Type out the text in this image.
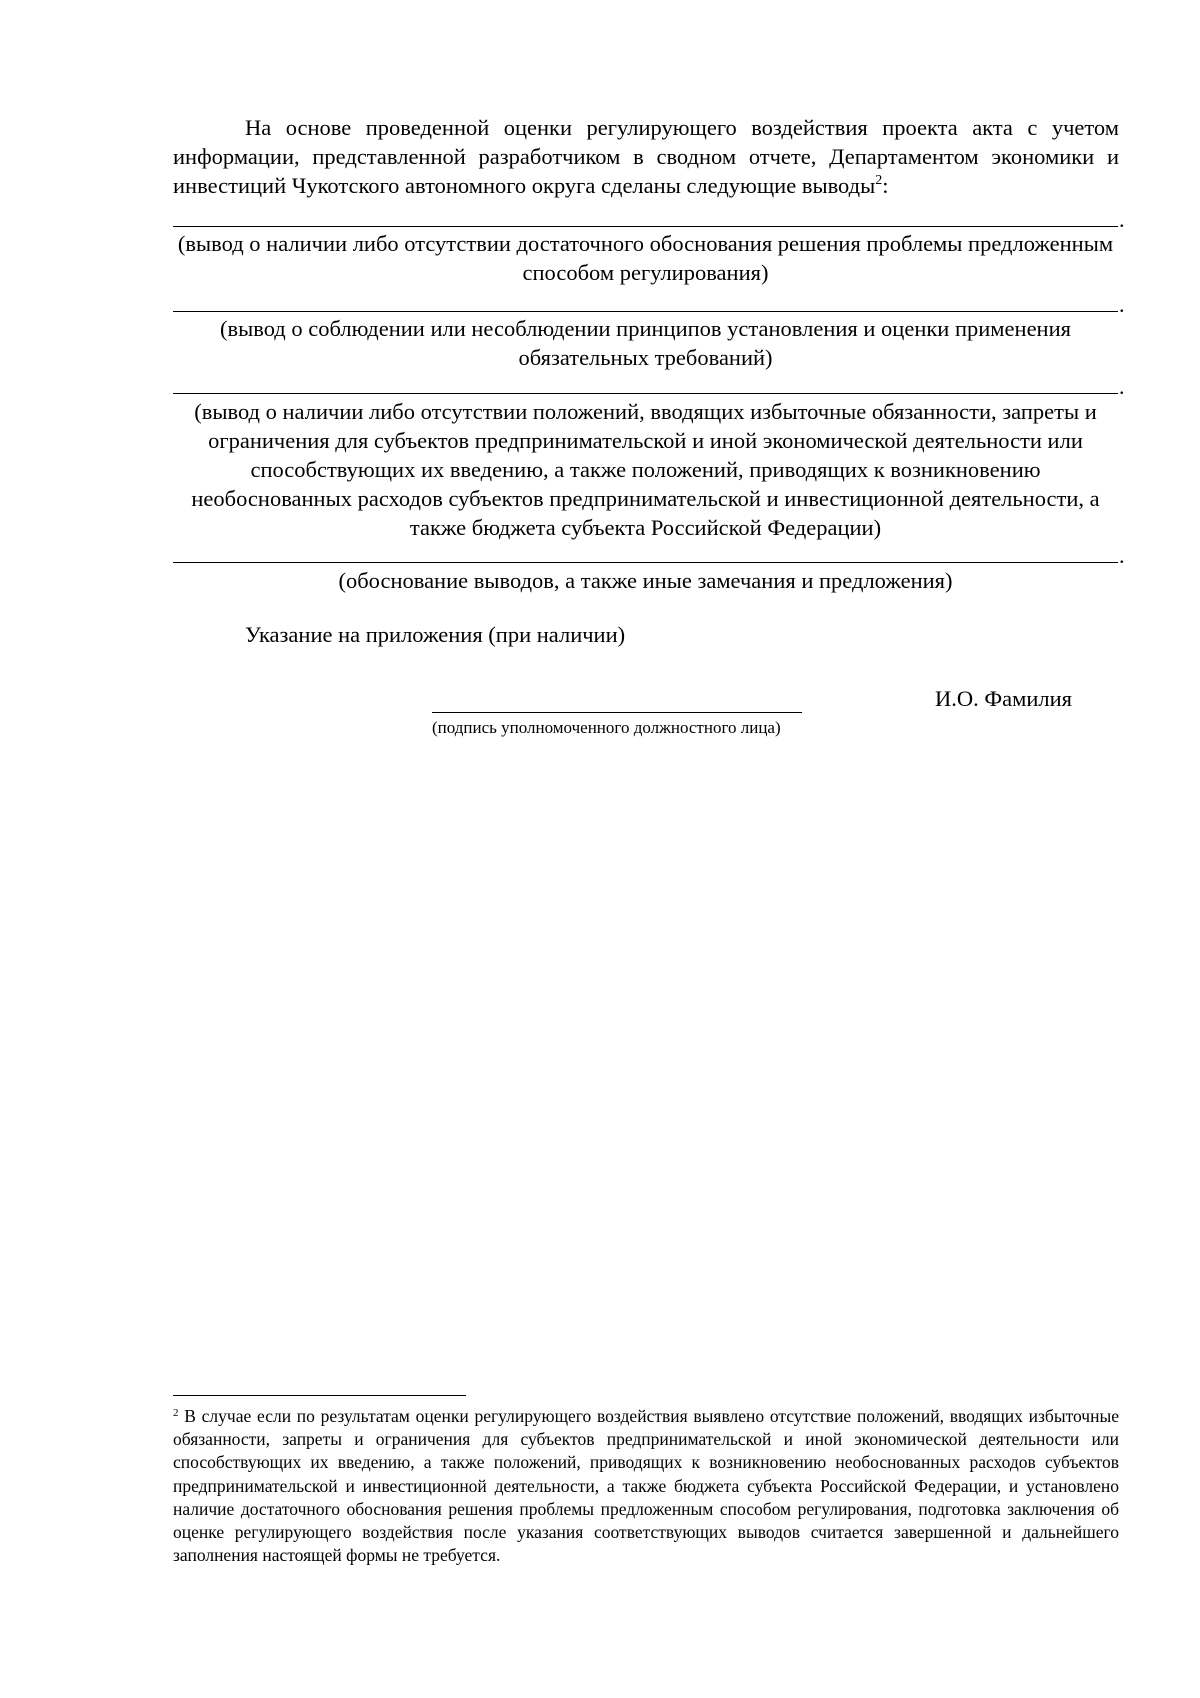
На основе проведенной оценки регулирующего воздействия проекта акта с учетом информации, представленной разработчиком в сводном отчете, Департаментом экономики и инвестиций Чукотского автономного округа сделаны следующие выводы$^2$:

.
(вывод о наличии либо отсутствии достаточного обоснования решения проблемы предложенным способом регулирования)
.
(вывод о соблюдении или несоблюдении принципов установления и оценки применения обязательных требований)
.
(вывод о наличии либо отсутствии положений, вводящих избыточные обязанности, запреты и ограничения для субъектов предпринимательской и иной экономической деятельности или способствующих их введению, а также положений, приводящих к возникновению необоснованных расходов субъектов предпринимательской и инвестиционной деятельности, а также бюджета субъекта Российской Федерации)
.
(обоснование выводов, а также иные замечания и предложения)
Указание на приложения (при наличии)
И.О. Фамилия
(подпись уполномоченного должностного лица)

$^2$ В случае если по результатам оценки регулирующего воздействия выявлено отсутствие положений, вводящих избыточные обязанности, запреты и ограничения для субъектов предпринимательской и иной экономической деятельности или способствующих их введению, а также положений, приводящих к возникновению необоснованных расходов субъектов предпринимательской и инвестиционной деятельности, а также бюджета субъекта Российской Федерации, и установлено наличие достаточного обоснования решения проблемы предложенным способом регулирования, подготовка заключения об оценке регулирующего воздействия после указания соответствующих выводов считается завершенной и дальнейшего заполнения настоящей формы не требуется.
